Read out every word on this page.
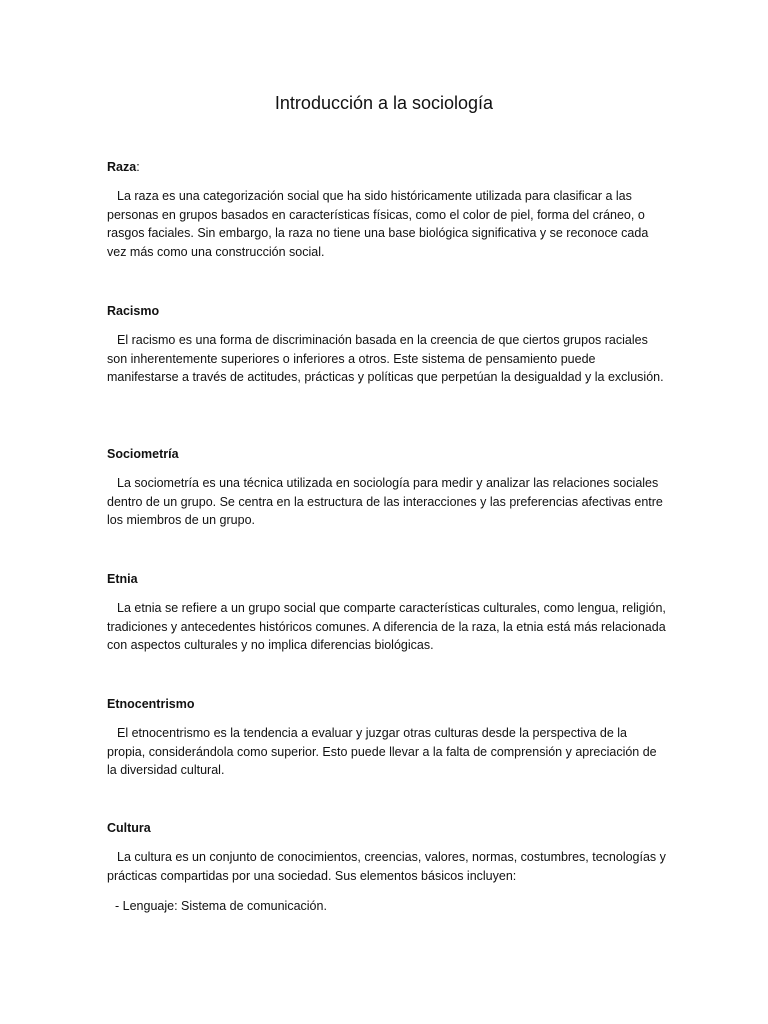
Introducción a la sociología

Raza:

La raza es una categorización social que ha sido históricamente utilizada para clasificar a las personas en grupos basados en características físicas, como el color de piel, forma del cráneo, o rasgos faciales. Sin embargo, la raza no tiene una base biológica significativa y se reconoce cada vez más como una construcción social.

Racismo

El racismo es una forma de discriminación basada en la creencia de que ciertos grupos raciales son inherentemente superiores o inferiores a otros. Este sistema de pensamiento puede manifestarse a través de actitudes, prácticas y políticas que perpetúan la desigualdad y la exclusión.

Sociometría

La sociometría es una técnica utilizada en sociología para medir y analizar las relaciones sociales dentro de un grupo. Se centra en la estructura de las interacciones y las preferencias afectivas entre los miembros de un grupo.

Etnia

La etnia se refiere a un grupo social que comparte características culturales, como lengua, religión, tradiciones y antecedentes históricos comunes. A diferencia de la raza, la etnia está más relacionada con aspectos culturales y no implica diferencias biológicas.

Etnocentrismo

El etnocentrismo es la tendencia a evaluar y juzgar otras culturas desde la perspectiva de la propia, considerándola como superior. Esto puede llevar a la falta de comprensión y apreciación de la diversidad cultural.

Cultura

La cultura es un conjunto de conocimientos, creencias, valores, normas, costumbres, tecnologías y prácticas compartidas por una sociedad. Sus elementos básicos incluyen:

- Lenguaje: Sistema de comunicación.
